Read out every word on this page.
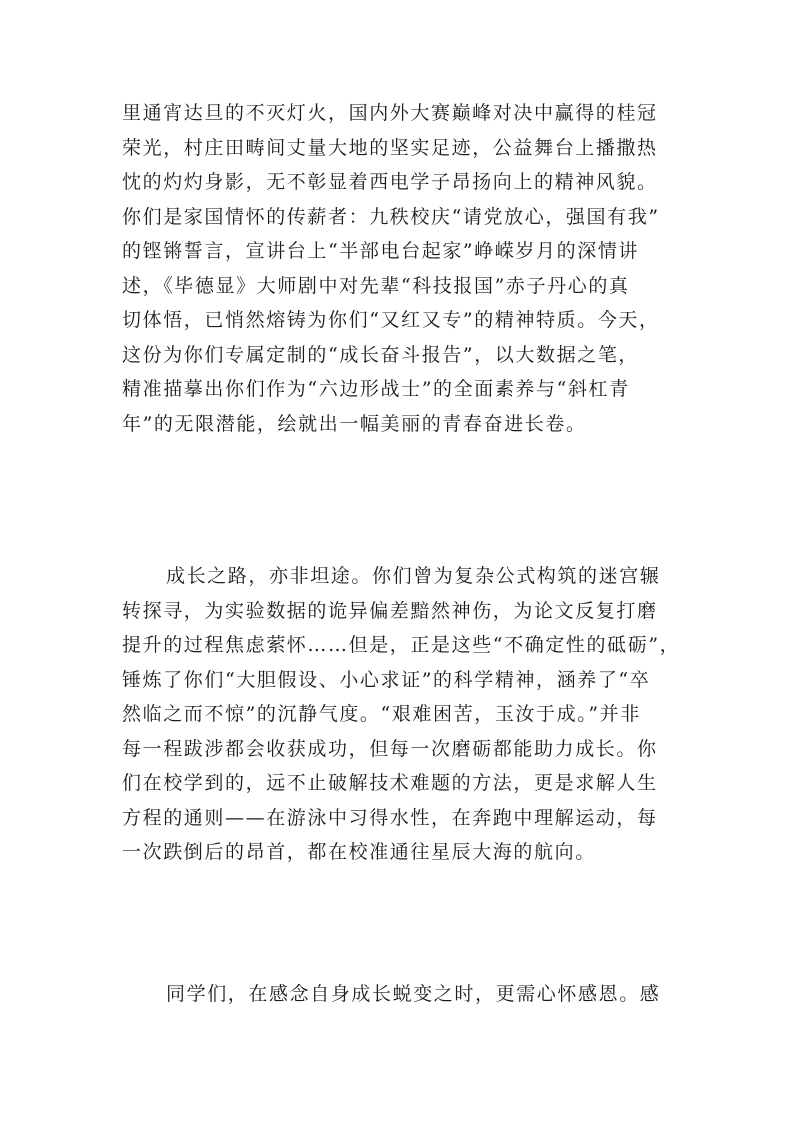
里通宵达旦的不灭灯火，国内外大赛巅峰对决中赢得的桂冠
荣光，村庄田畴间丈量大地的坚实足迹，公益舞台上播撒热
忱的灼灼身影，无不彰显着西电学子昂扬向上的精神风貌。
你们是家国情怀的传薪者：九秩校庆“请党放心，强国有我”
的铿锵誓言，宣讲台上“半部电台起家”峥嵘岁月的深情讲
述，《毕德显》大师剧中对先辈“科技报国”赤子丹心的真
切体悟，已悄然熔铸为你们“又红又专”的精神特质。今天，
这份为你们专属定制的“成长奋斗报告”，以大数据之笔，
精准描摹出你们作为“六边形战士”的全面素养与“斜杠青
年”的无限潜能，绘就出一幅美丽的青春奋进长卷。
成长之路，亦非坦途。你们曾为复杂公式构筑的迷宫辗
转探寻，为实验数据的诡异偏差黯然神伤，为论文反复打磨
提升的过程焦虑萦怀……但是，正是这些“不确定性的砥砺”，
锤炼了你们“大胆假设、小心求证”的科学精神，涵养了“卒
然临之而不惊”的沉静气度。“艰难困苦，玉汝于成。”并非
每一程跋涉都会收获成功，但每一次磨砺都能助力成长。你
们在校学到的，远不止破解技术难题的方法，更是求解人生
方程的通则——在游泳中习得水性，在奔跑中理解运动，每
一次跌倒后的昂首，都在校准通往星辰大海的航向。
同学们，在感念自身成长蜕变之时，更需心怀感恩。感
